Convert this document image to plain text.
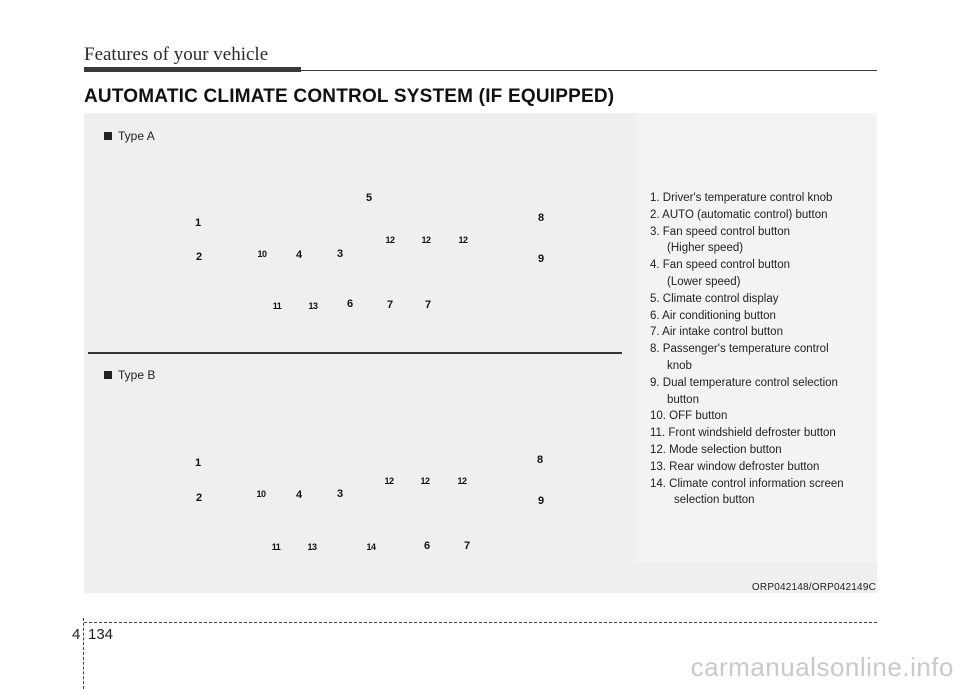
Features of your vehicle
AUTOMATIC CLIMATE CONTROL SYSTEM (IF EQUIPPED)
Type A
1
2	10	4	3
5
12	12	12
8
9
11	13	6	7	7
Type B
1
2	10	4	3
12	12	12
8
9
11	13	14	6	7
1. Driver's temperature control knob
2. AUTO (automatic control) button
3. Fan speed control button
(Higher speed)
4. Fan speed control button
(Lower speed)
5. Climate control display
6. Air conditioning button
7. Air intake control button
8. Passenger's temperature control
knob
9. Dual temperature control selection
button
10. OFF button
11. Front windshield defroster button
12. Mode selection button
13. Rear window defroster button
14. Climate control information screen
selection button
ORP042148/ORP042149C
4 134
carmanualsonline.info
